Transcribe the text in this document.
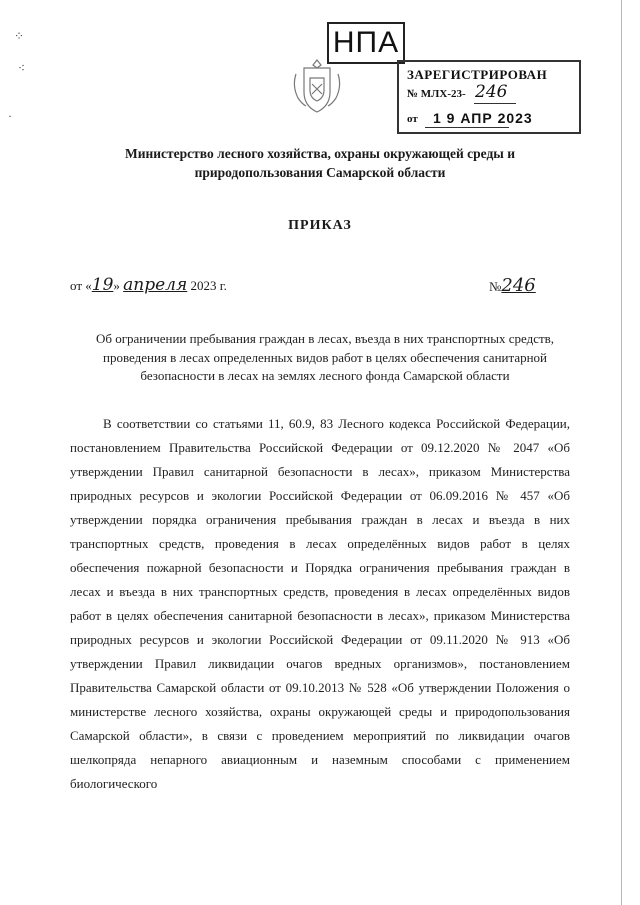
⁘
⁖
·
НПА
ЗАРЕГИСТРИРОВАН
№ МЛХ-23- 246
от 1 9 АПР 2023
Министерство лесного хозяйства, охраны окружающей среды и природопользования Самарской области
ПРИКАЗ
от «19» апреля 2023 г.	№246
Об ограничении пребывания граждан в лесах, въезда в них транспортных средств, проведения в лесах определенных видов работ в целях обеспечения санитарной безопасности в лесах на землях лесного фонда Самарской области
В соответствии со статьями 11, 60.9, 83 Лесного кодекса Российской Федерации, постановлением Правительства Российской Федерации от 09.12.2020 № 2047 «Об утверждении Правил санитарной безопасности в лесах», приказом Министерства природных ресурсов и экологии Российской Федерации от 06.09.2016 № 457 «Об утверждении порядка ограничения пребывания граждан в лесах и въезда в них транспортных средств, проведения в лесах определённых видов работ в целях обеспечения пожарной безопасности и Порядка ограничения пребывания граждан в лесах и въезда в них транспортных средств, проведения в лесах определённых видов работ в целях обеспечения санитарной безопасности в лесах», приказом Министерства природных ресурсов и экологии Российской Федерации от 09.11.2020 № 913 «Об утверждении Правил ликвидации очагов вредных организмов», постановлением Правительства Самарской области от 09.10.2013 № 528 «Об утверждении Положения о министерстве лесного хозяйства, охраны окружающей среды и природопользования Самарской области», в связи с проведением мероприятий по ликвидации очагов шелкопряда непарного авиационным и наземным способами с применением биологического
